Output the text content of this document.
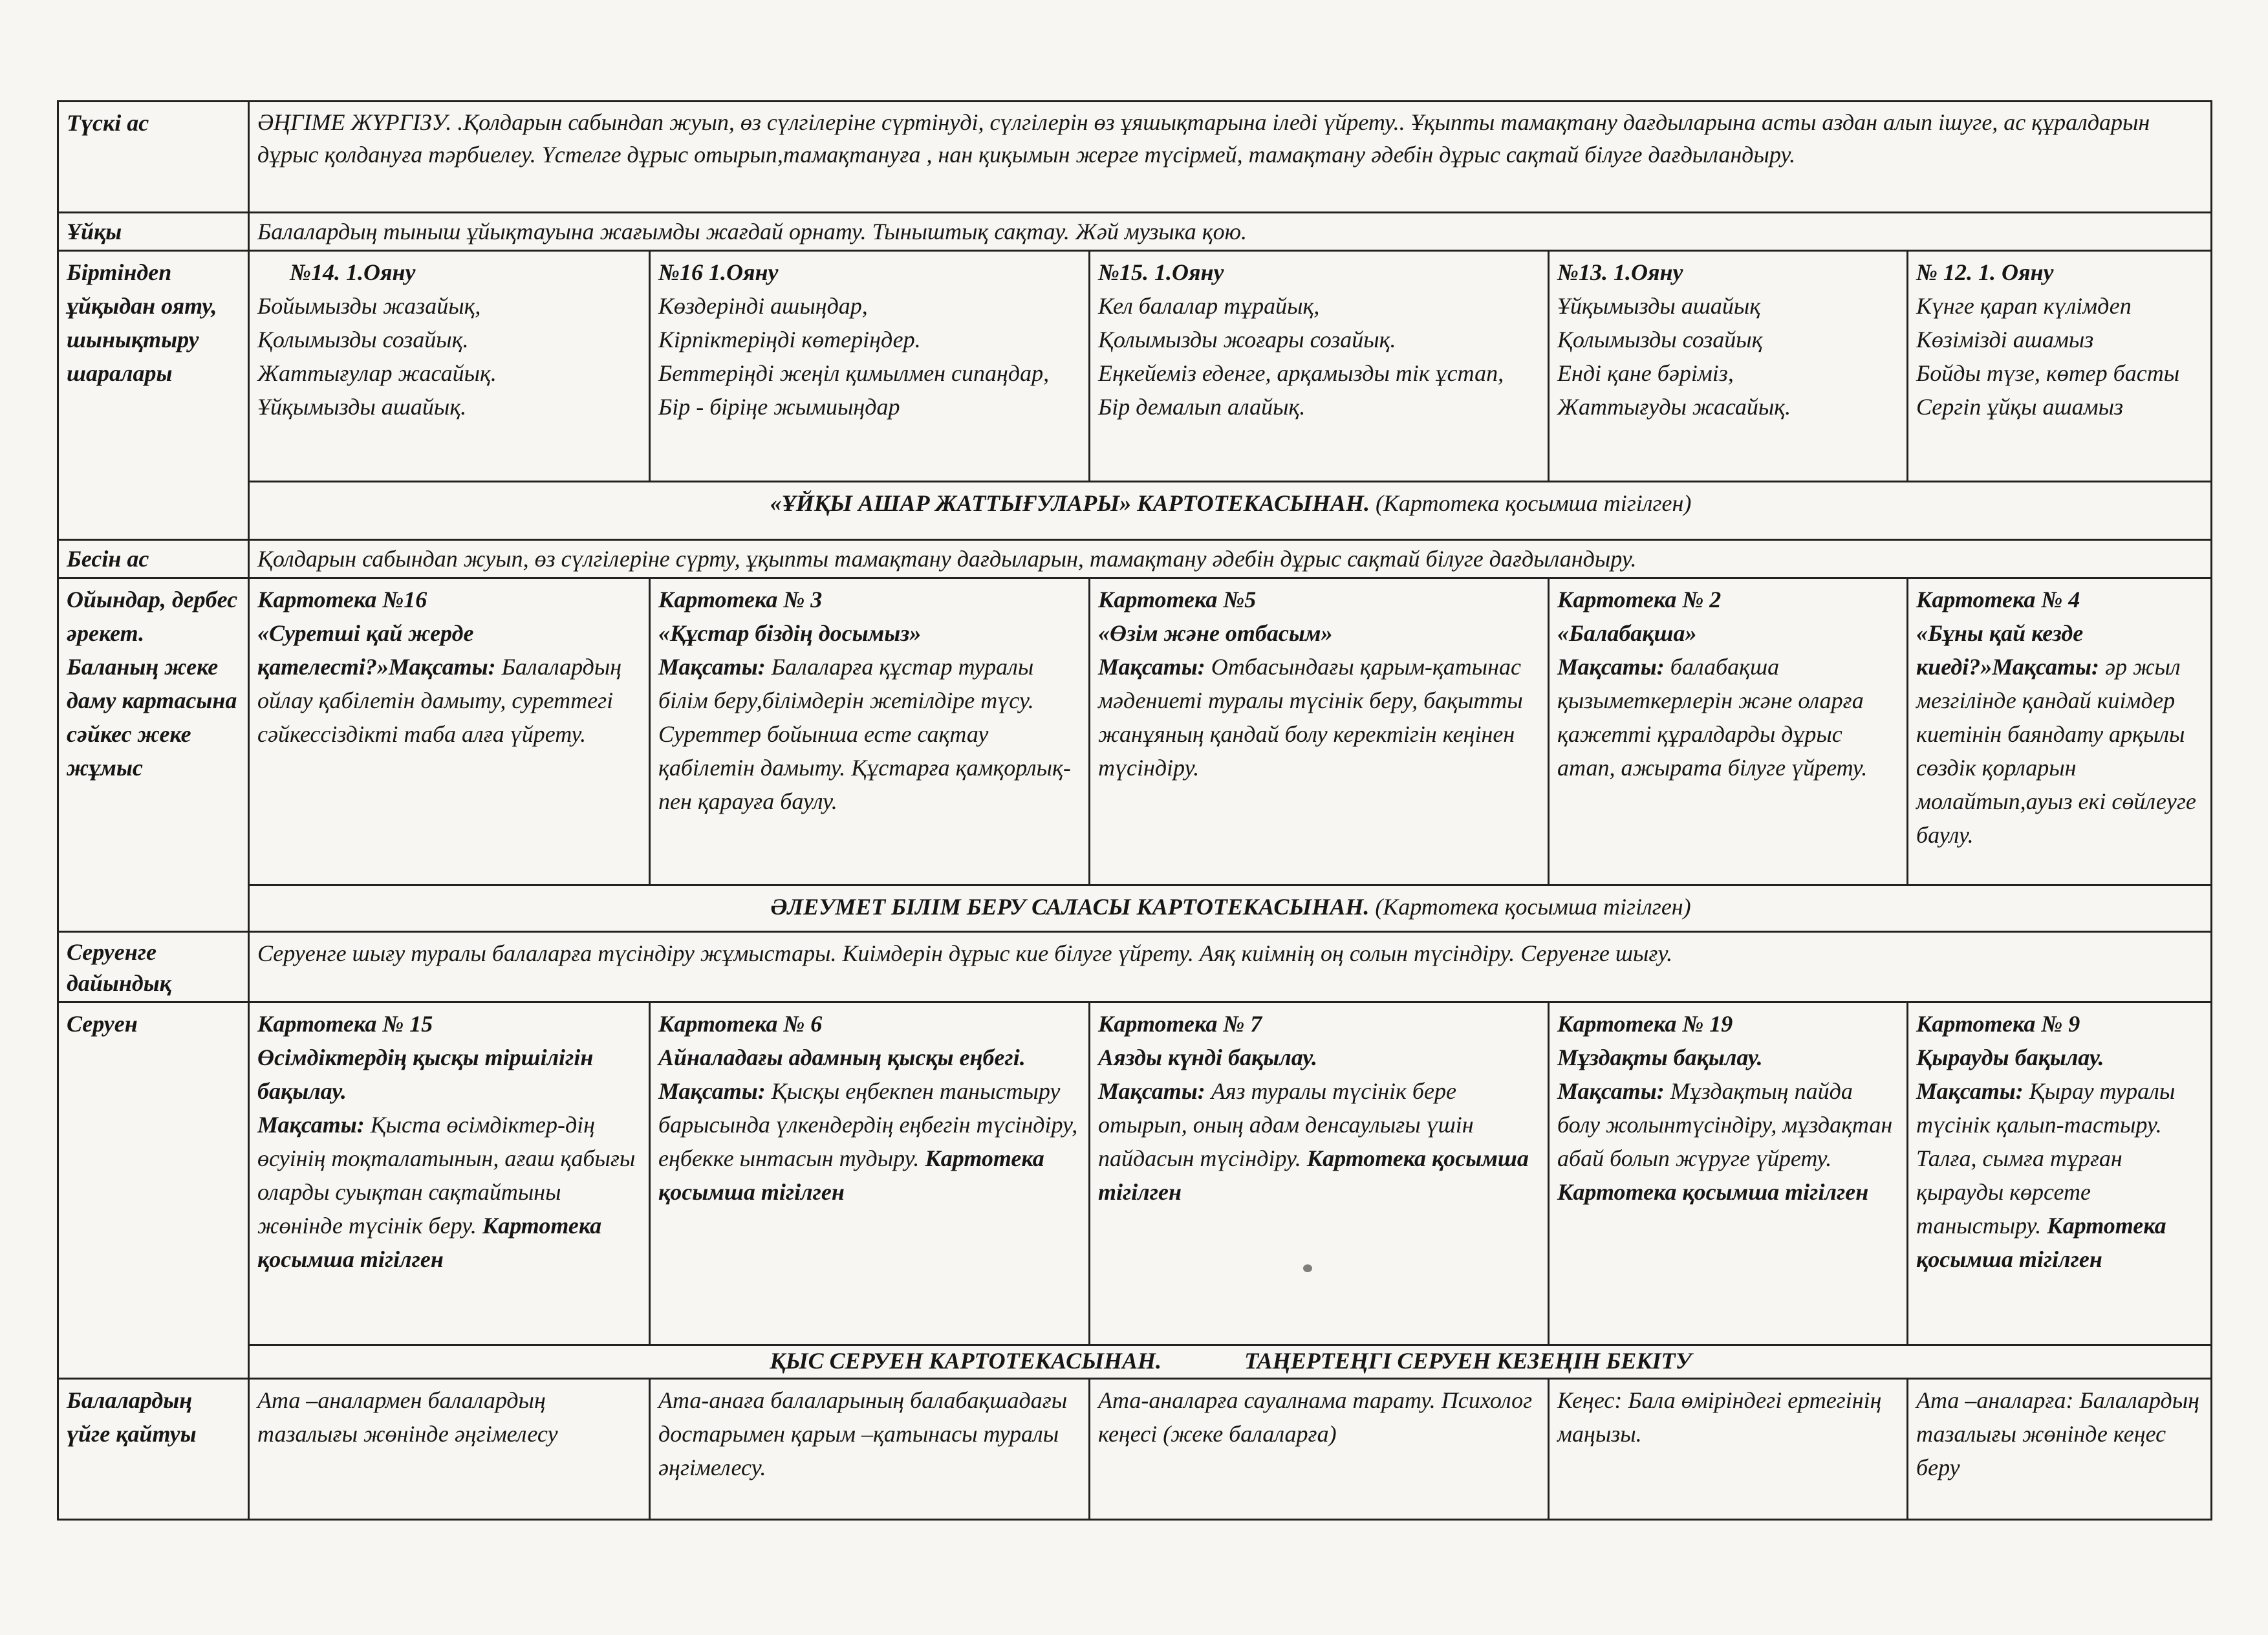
Түскі ас	ӘҢГІМЕ ЖҮРГІЗУ. .Қолдарын сабындап жуып, өз сүлгілеріне сүртінуді, сүлгілерін өз ұяшықтарына іледі үйрету.. Ұқыпты тамақтану дағдыларына асты аздан алып ішуге, ас құралдарын дұрыс қолдануға тәрбиелеу. Үстелге дұрыс отырып,тамақтануға , нан қиқымын жерге түсірмей, тамақтану әдебін дұрыс сақтай білуге дағдыландыру.				
Ұйқы	Балалардың тыныш ұйықтауына жағымды жағдай орнату. Тыныштық сақтау. Жәй музыка қою.				
Біртіндеп ұйқыдан ояту, шынықтыру шаралары	№14. 1.Ояну
Бойымызды жазайық,
Қолымызды созайық.
Жаттығулар жасайық.
Ұйқымызды ашайық.	№16 1.Ояну
Көздерінді ашыңдар,
Кірпіктеріңді көтеріңдер.
Беттеріңді жеңіл қимылмен сипаңдар,
Бір - біріңе жымиыңдар	№15. 1.Ояну
Кел балалар тұрайық,
Қолымызды жоғары созайық.
Еңкейеміз еденге, арқамызды тік ұстап,
Бір демалып алайық.	№13. 1.Ояну
Ұйқымызды ашайық
Қолымызды созайық
Енді қане бәріміз,
Жаттығуды жасайық.	№ 12. 1. Ояну
Күнге қарап күлімдеп
Көзімізді ашамыз
Бойды түзе, көтер басты
Сергіп ұйқы ашамыз

	«ҰЙҚЫ АШАР ЖАТТЫҒУЛАРЫ» КАРТОТЕКАСЫНАН. (Картотека қосымша тігілген)				
Бесін ас	Қолдарын сабындап жуып, өз сүлгілеріне сүрту, ұқыпты тамақтану дағдыларын, тамақтану әдебін дұрыс сақтай білуге дағдыландыру.				
Ойындар, дербес әрекет. Баланың жеке даму картасына сәйкес жеке жұмыс	Картотека №16
«Суретші қай жерде қателесті?»Мақсаты: Балалардың ойлау қабілетін дамыту, суреттегі сәйкессіздікті таба алға үйрету.	Картотека № 3
«Құстар біздің досымыз»
Мақсаты: Балаларға құстар туралы білім беру,білімдерін жетілдіре түсу. Суреттер бойынша есте сақтау қабілетін дамыту. Құстарға қамқорлық-пен қарауға баулу.	Картотека №5
«Өзім және отбасым»
Мақсаты: Отбасындағы қарым-қатынас мәдениеті туралы түсінік беру, бақытты жанұяның қандай болу керектігін кеңінен түсіндіру.	Картотека № 2
«Балабақша»
Мақсаты: балабақша қызыметкерлерін және оларға қажетті құралдарды дұрыс атап, ажырата білуге үйрету.	Картотека № 4
«Бұны қай кезде киеді?»Мақсаты: әр жыл мезгілінде қандай киімдер киетінін баяндату арқылы сөздік қорларын молайтып,ауыз екі сөйлеуге баулу.
	ӘЛЕУМЕТ БІЛІМ БЕРУ САЛАСЫ КАРТОТЕКАСЫНАН. (Картотека қосымша тігілген)				
Серуенге дайындық	Серуенге шығу туралы балаларға түсіндіру жұмыстары. Киімдерін дұрыс кие білуге үйрету. Аяқ киімнің оң солын түсіндіру. Серуенге шығу.				
Серуен	Картотека № 15
Өсімдіктердің қысқы тіршілігін бақылау.
Мақсаты: Қыста өсімдіктер-дің өсуінің тоқталатынын, ағаш қабығы оларды суықтан сақтайтыны жөнінде түсінік беру. Картотека қосымша тігілген	Картотека № 6
Айналадағы адамның қысқы еңбегі.
Мақсаты: Қысқы еңбекпен таныстыру барысында үлкендердің еңбегін түсіндіру, еңбекке ынтасын тудыру. Картотека қосымша тігілген	Картотека № 7
Аязды күнді бақылау.
Мақсаты: Аяз туралы түсінік бере отырып, оның адам денсаулығы үшін пайдасын түсіндіру. Картотека қосымша тігілген	Картотека № 19
Мұздақты бақылау.
Мақсаты: Мұздақтың пайда болу жолынтүсіндіру, мұздақтан абай болып жүруге үйрету. Картотека қосымша тігілген	Картотека № 9
Қырауды бақылау.
Мақсаты: Қырау туралы түсінік қалып-тастыру. Талға, сымға тұрған қырауды көрсете таныстыру. Картотека қосымша тігілген
	ҚЫС СЕРУЕН КАРТОТЕКАСЫНАН. ТАҢЕРТЕҢГІ СЕРУЕН КЕЗЕҢІН БЕКІТУ				
Балалардың үйге қайтуы	Ата –аналармен балалардың тазалығы жөнінде әңгімелесу	Ата-анаға балаларының балабақшадағы достарымен қарым –қатынасы туралы әңгімелесу.	Ата-аналарға сауалнама тарату. Психолог кеңесі (жеке балаларға)	Кеңес: Бала өміріндегі ертегінің маңызы.	Ата –аналарға: Балалардың тазалығы жөнінде кеңес беру
